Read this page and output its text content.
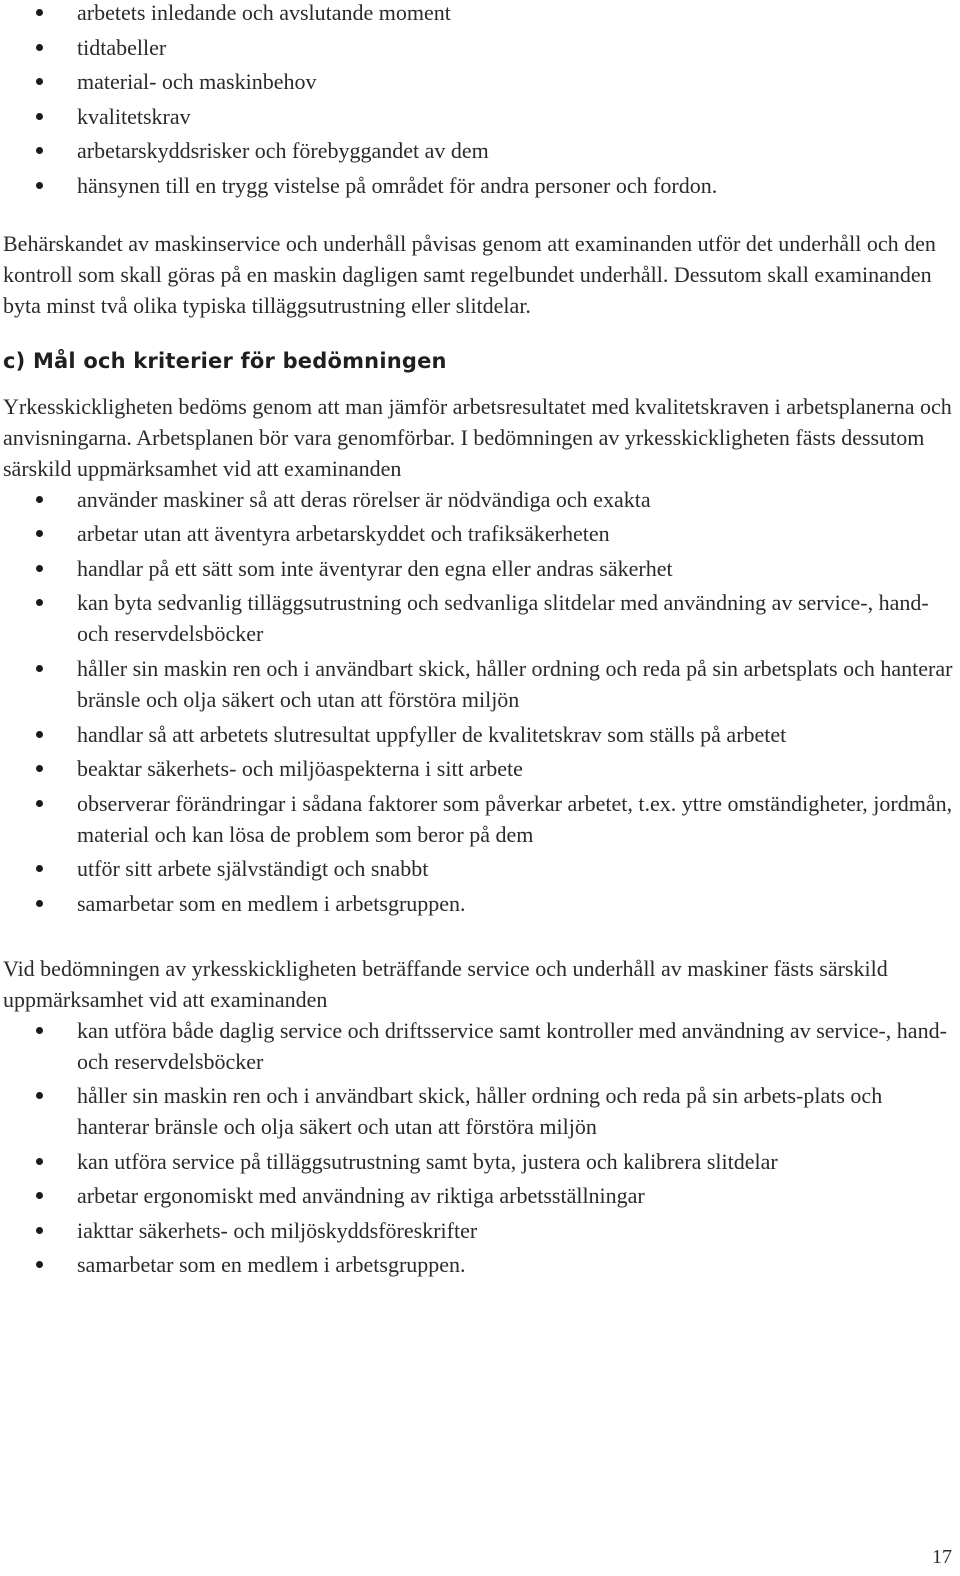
arbetets inledande och avslutande moment
tidtabeller
material- och maskinbehov
kvalitetskrav
arbetarskyddsrisker och förebyggandet av dem
hänsynen till en trygg vistelse på området för andra personer och fordon.

Behärskandet av maskinservice och underhåll påvisas genom att examinanden utför det underhåll och den kontroll som skall göras på en maskin dagligen samt regelbundet underhåll. Dessutom skall examinanden byta minst två olika typiska tilläggsutrustning eller slitdelar.

c) Mål och kriterier för bedömningen

Yrkesskickligheten bedöms genom att man jämför arbetsresultatet med kvalitetskraven i arbetsplanerna och anvisningarna. Arbetsplanen bör vara genomförbar. I bedömningen av yrkesskickligheten fästs dessutom särskild uppmärksamhet vid att examinanden

använder maskiner så att deras rörelser är nödvändiga och exakta
arbetar utan att äventyra arbetarskyddet och trafiksäkerheten
handlar på ett sätt som inte äventyrar den egna eller andras säkerhet
kan byta sedvanlig tilläggsutrustning och sedvanliga slitdelar med användning av service-, hand- och reservdelsböcker
håller sin maskin ren och i användbart skick, håller ordning och reda på sin arbetsplats och hanterar bränsle och olja säkert och utan att förstöra miljön
handlar så att arbetets slutresultat uppfyller de kvalitetskrav som ställs på arbetet
beaktar säkerhets- och miljöaspekterna i sitt arbete
observerar förändringar i sådana faktorer som påverkar arbetet, t.ex. yttre omständigheter, jordmån, material och kan lösa de problem som beror på dem
utför sitt arbete självständigt och snabbt
samarbetar som en medlem i arbetsgruppen.

Vid bedömningen av yrkesskickligheten beträffande service och underhåll av maskiner fästs särskild uppmärksamhet vid att examinanden

kan utföra både daglig service och driftsservice samt kontroller med användning av service-, hand- och reservdelsböcker
håller sin maskin ren och i användbart skick, håller ordning och reda på sin arbets-plats och hanterar bränsle och olja säkert och utan att förstöra miljön
kan utföra service på tilläggsutrustning samt byta, justera och kalibrera slitdelar
arbetar ergonomiskt med användning av riktiga arbetsställningar
iakttar säkerhets- och miljöskyddsföreskrifter
samarbetar som en medlem i arbetsgruppen.
17
